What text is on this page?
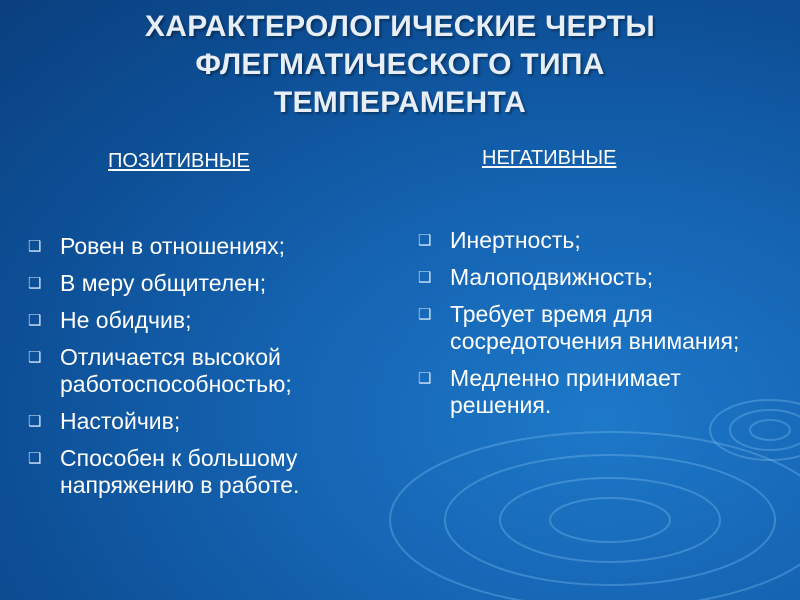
ХАРАКТЕРОЛОГИЧЕСКИЕ ЧЕРТЫ
ФЛЕГМАТИЧЕСКОГО ТИПА
ТЕМПЕРАМЕНТА
ПОЗИТИВНЫЕ	НЕГАТИВНЫЕ
❑ Ровен в отношениях;
❑ В меру общителен;
❑ Не обидчив;
❑ Отличается высокой работоспособностью;
❑ Настойчив;
❑ Способен к большому напряжению в работе.
❑ Инертность;
❑ Малоподвижность;
❑ Требует время для сосредоточения внимания;
❑ Медленно принимает решения.
